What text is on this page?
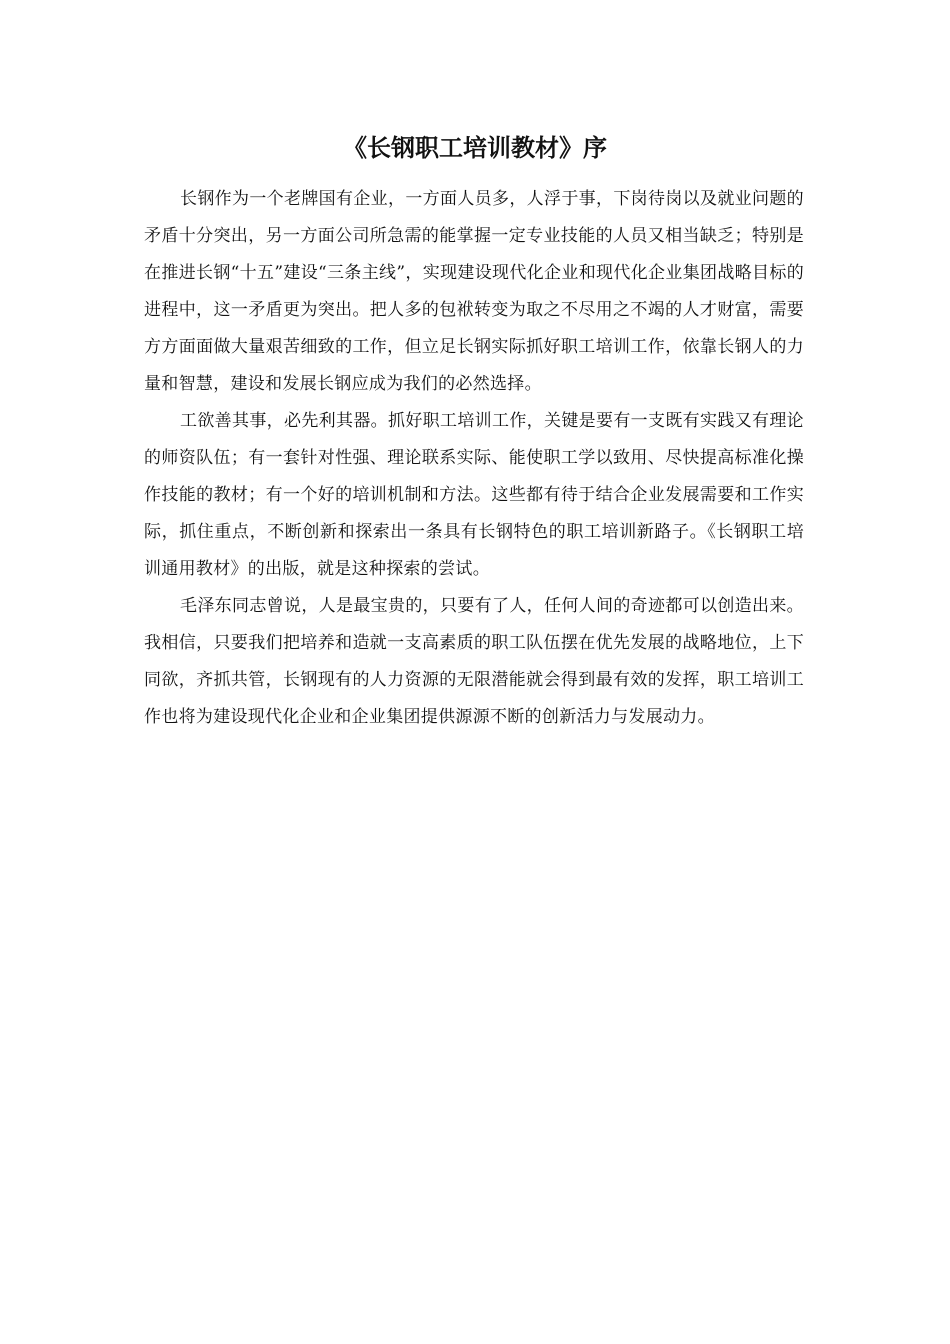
《长钢职工培训教材》序

长钢作为一个老牌国有企业，一方面人员多，人浮于事，下岗待岗以及就业问题的矛盾十分突出，另一方面公司所急需的能掌握一定专业技能的人员又相当缺乏；特别是在推进长钢“十五”建设“三条主线”，实现建设现代化企业和现代化企业集团战略目标的进程中，这一矛盾更为突出。把人多的包袱转变为取之不尽用之不竭的人才财富，需要方方面面做大量艰苦细致的工作，但立足长钢实际抓好职工培训工作，依靠长钢人的力量和智慧，建设和发展长钢应成为我们的必然选择。

工欲善其事，必先利其器。抓好职工培训工作，关键是要有一支既有实践又有理论的师资队伍；有一套针对性强、理论联系实际、能使职工学以致用、尽快提高标准化操作技能的教材；有一个好的培训机制和方法。这些都有待于结合企业发展需要和工作实际，抓住重点，不断创新和探索出一条具有长钢特色的职工培训新路子。《长钢职工培训通用教材》的出版，就是这种探索的尝试。

毛泽东同志曾说，人是最宝贵的，只要有了人，任何人间的奇迹都可以创造出来。我相信，只要我们把培养和造就一支高素质的职工队伍摆在优先发展的战略地位，上下同欲，齐抓共管，长钢现有的人力资源的无限潜能就会得到最有效的发挥，职工培训工作也将为建设现代化企业和企业集团提供源源不断的创新活力与发展动力。
